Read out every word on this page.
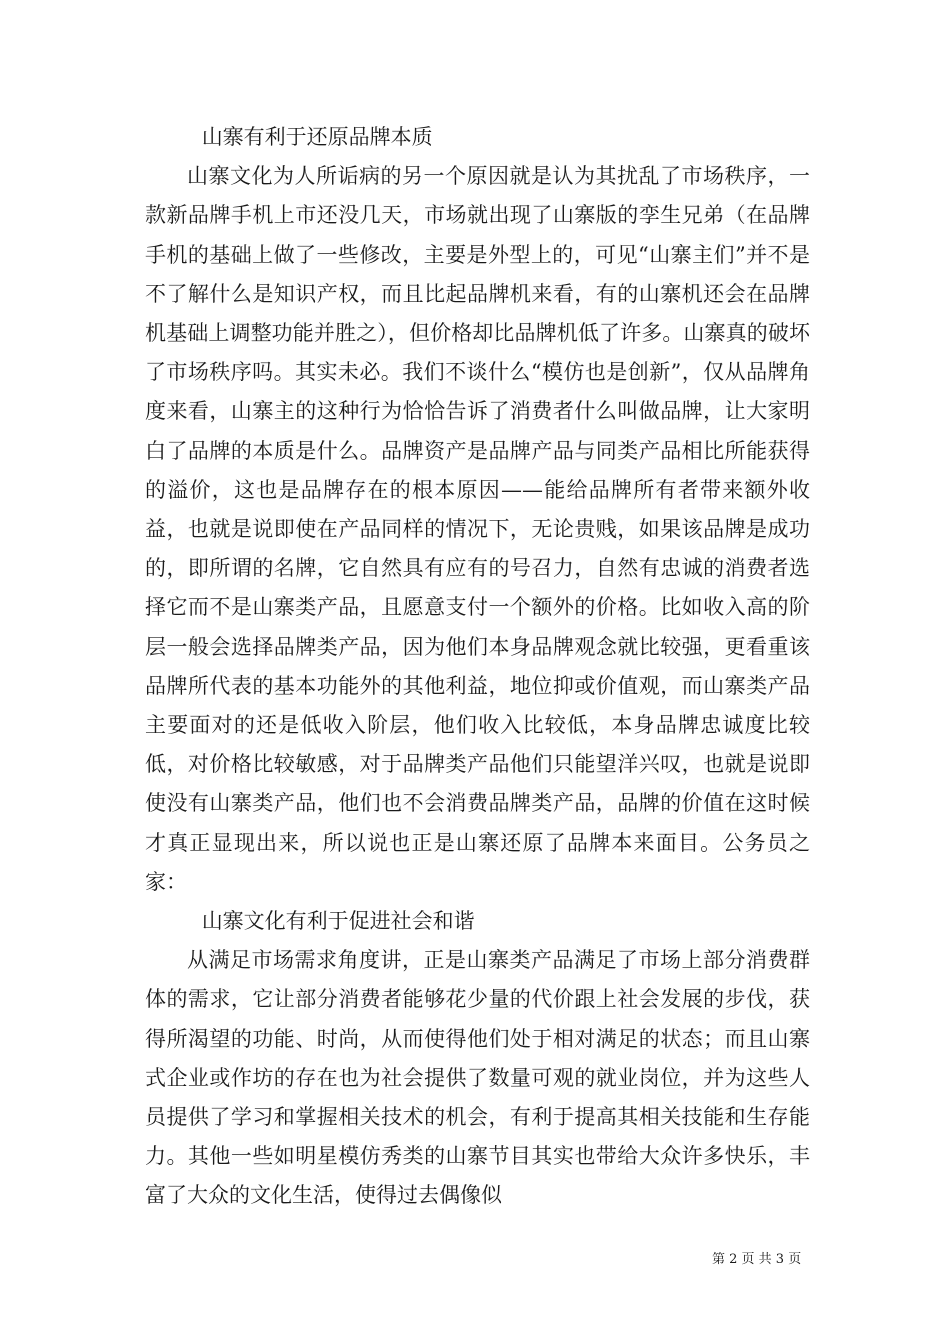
山寨有利于还原品牌本质

山寨文化为人所诟病的另一个原因就是认为其扰乱了市场秩序，一款新品牌手机上市还没几天，市场就出现了山寨版的孪生兄弟（在品牌手机的基础上做了一些修改，主要是外型上的，可见“山寨主们”并不是不了解什么是知识产权，而且比起品牌机来看，有的山寨机还会在品牌机基础上调整功能并胜之），但价格却比品牌机低了许多。山寨真的破坏了市场秩序吗。其实未必。我们不谈什么“模仿也是创新”，仅从品牌角度来看，山寨主的这种行为恰恰告诉了消费者什么叫做品牌，让大家明白了品牌的本质是什么。品牌资产是品牌产品与同类产品相比所能获得的溢价，这也是品牌存在的根本原因——能给品牌所有者带来额外收益，也就是说即使在产品同样的情况下，无论贵贱，如果该品牌是成功的，即所谓的名牌，它自然具有应有的号召力，自然有忠诚的消费者选择它而不是山寨类产品，且愿意支付一个额外的价格。比如收入高的阶层一般会选择品牌类产品，因为他们本身品牌观念就比较强，更看重该品牌所代表的基本功能外的其他利益，地位抑或价值观，而山寨类产品主要面对的还是低收入阶层，他们收入比较低，本身品牌忠诚度比较低，对价格比较敏感，对于品牌类产品他们只能望洋兴叹，也就是说即使没有山寨类产品，他们也不会消费品牌类产品，品牌的价值在这时候才真正显现出来，所以说也正是山寨还原了品牌本来面目。公务员之家：

山寨文化有利于促进社会和谐

从满足市场需求角度讲，正是山寨类产品满足了市场上部分消费群体的需求，它让部分消费者能够花少量的代价跟上社会发展的步伐，获得所渴望的功能、时尚，从而使得他们处于相对满足的状态；而且山寨式企业或作坊的存在也为社会提供了数量可观的就业岗位，并为这些人员提供了学习和掌握相关技术的机会，有利于提高其相关技能和生存能力。其他一些如明星模仿秀类的山寨节目其实也带给大众许多快乐，丰富了大众的文化生活，使得过去偶像似

第 2 页 共 3 页
